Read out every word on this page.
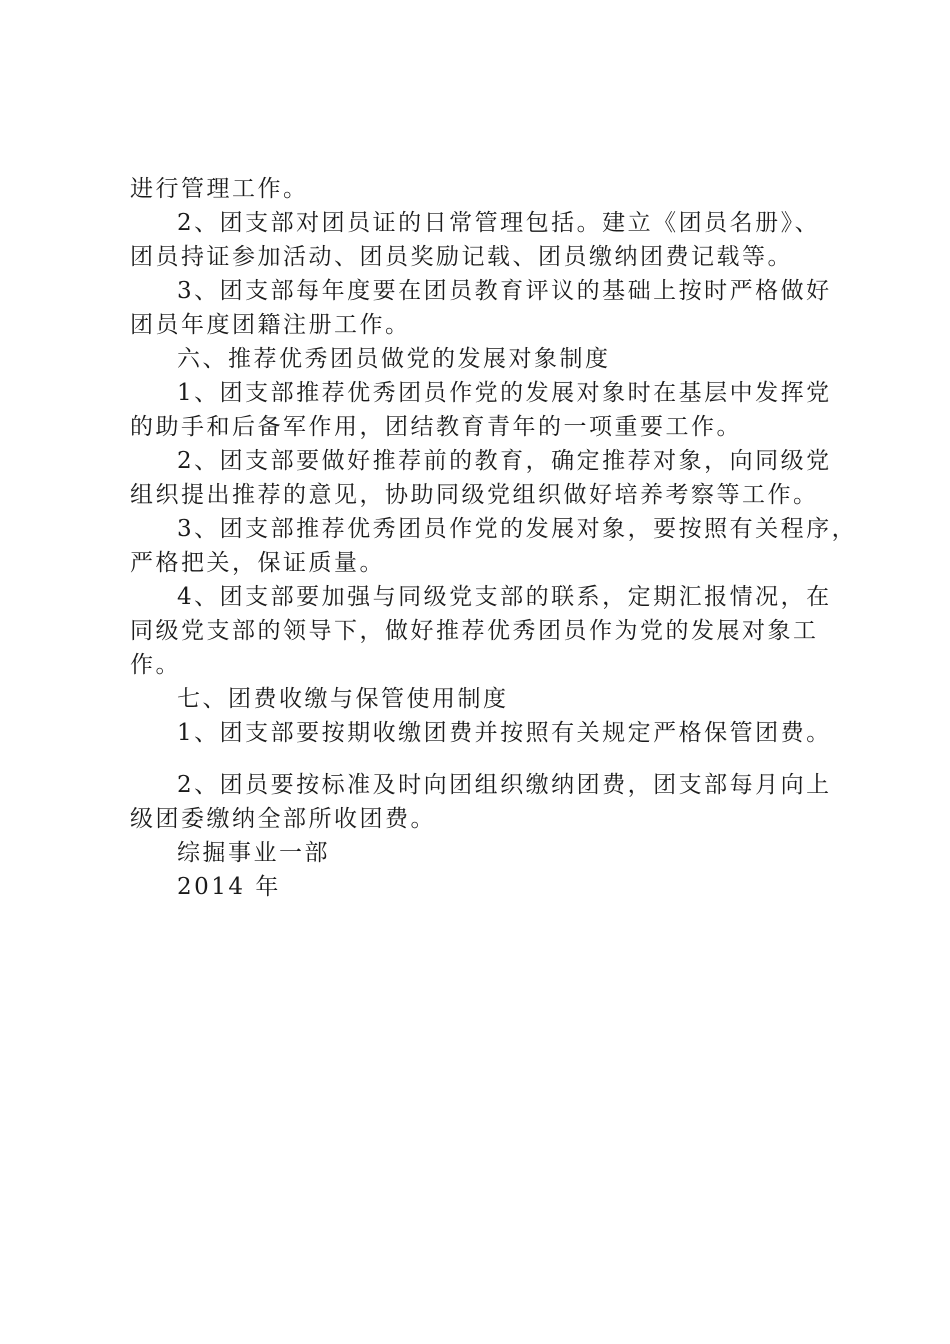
进行管理工作。
2、团支部对团员证的日常管理包括。建立《团员名册》、
团员持证参加活动、团员奖励记载、团员缴纳团费记载等。
3、团支部每年度要在团员教育评议的基础上按时严格做好
团员年度团籍注册工作。
六、推荐优秀团员做党的发展对象制度
1、团支部推荐优秀团员作党的发展对象时在基层中发挥党
的助手和后备军作用，团结教育青年的一项重要工作。
2、团支部要做好推荐前的教育，确定推荐对象，向同级党
组织提出推荐的意见，协助同级党组织做好培养考察等工作。
3、团支部推荐优秀团员作党的发展对象，要按照有关程序，
严格把关，保证质量。
4、团支部要加强与同级党支部的联系，定期汇报情况，在
同级党支部的领导下，做好推荐优秀团员作为党的发展对象工
作。
七、团费收缴与保管使用制度
1、团支部要按期收缴团费并按照有关规定严格保管团费。
2、团员要按标准及时向团组织缴纳团费，团支部每月向上
级团委缴纳全部所收团费。
综掘事业一部
2014 年
